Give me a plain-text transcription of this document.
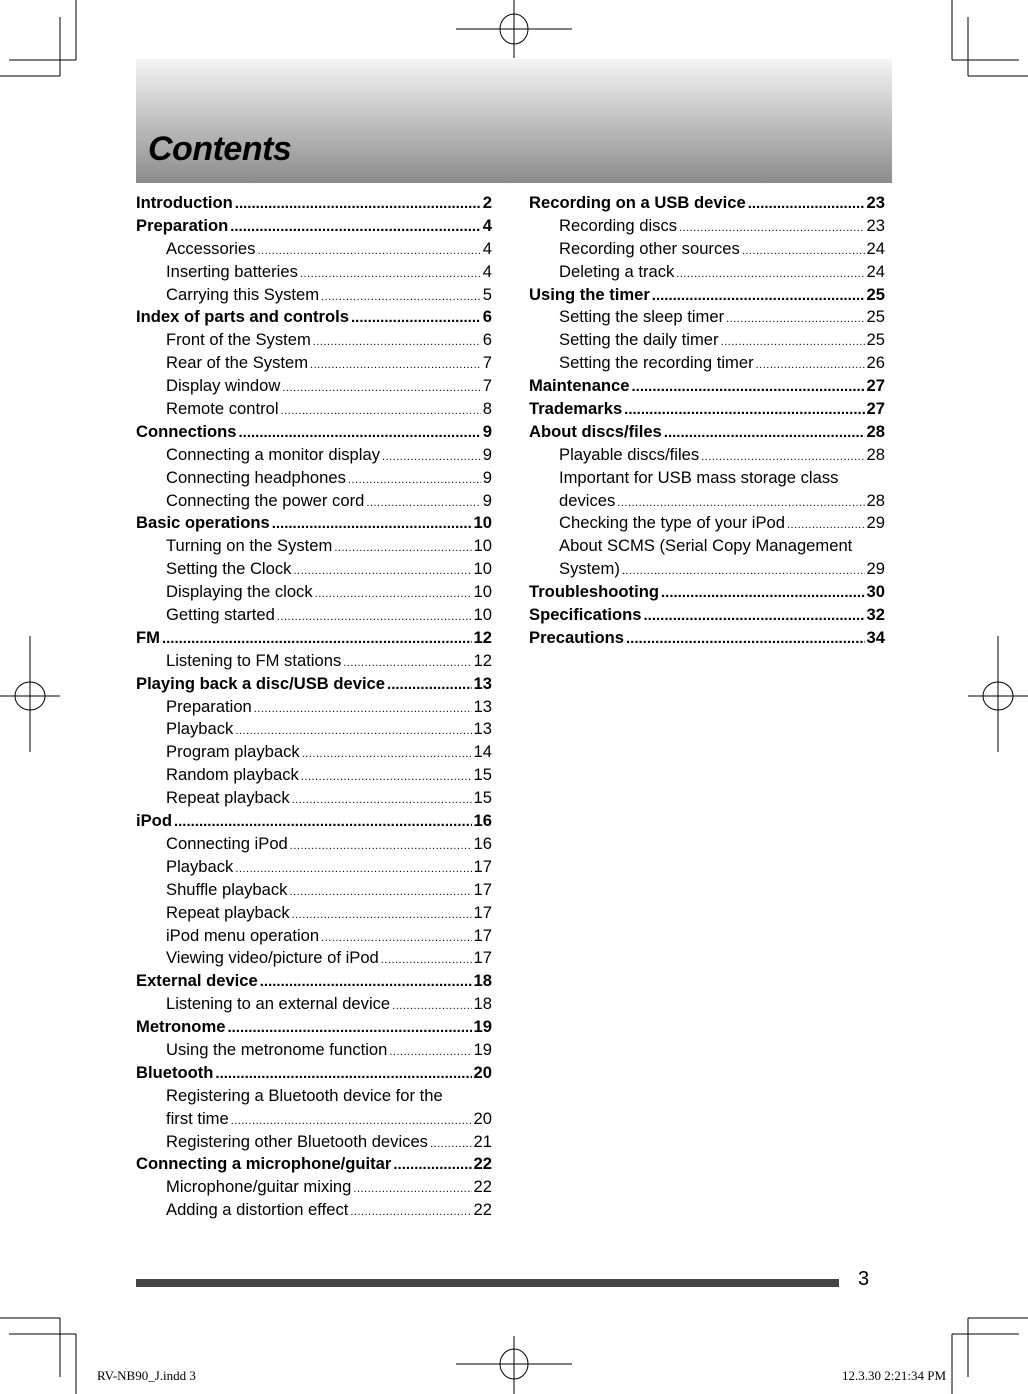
Contents
Introduction .....	2
Preparation .....	4
Accessories .....	4
Inserting batteries .....	4
Carrying this System .....	5
Index of parts and controls .....	6
Front of the System .....	6
Rear of the System .....	7
Display window .....	7
Remote control .....	8
Connections .....	9
Connecting a monitor display .....	9
Connecting headphones .....	9
Connecting the power cord .....	9
Basic operations .....	10
Turning on the System .....	10
Setting the Clock .....	10
Displaying the clock .....	10
Getting started .....	10
FM .....	12
Listening to FM stations .....	12
Playing back a disc/USB device .....	13
Preparation .....	13
Playback .....	13
Program playback .....	14
Random playback .....	15
Repeat playback .....	15
iPod .....	16
Connecting iPod .....	16
Playback .....	17
Shuffle playback .....	17
Repeat playback .....	17
iPod menu operation .....	17
Viewing video/picture of iPod .....	17
External device .....	18
Listening to an external device .....	18
Metronome .....	19
Using the metronome function .....	19
Bluetooth .....	20
Registering a Bluetooth device for the
first time .....	20
Registering other Bluetooth devices .....	21
Connecting a microphone/guitar .....	22
Microphone/guitar mixing .....	22
Adding a distortion effect .....	22
Recording on a USB device .....	23
Recording discs .....	23
Recording other sources .....	24
Deleting a track .....	24
Using the timer .....	25
Setting the sleep timer .....	25
Setting the daily timer .....	25
Setting the recording timer .....	26
Maintenance .....	27
Trademarks .....	27
About discs/files .....	28
Playable discs/files .....	28
Important for USB mass storage class
devices .....	28
Checking the type of your iPod .....	29
About SCMS (Serial Copy Management
System) .....	29
Troubleshooting .....	30
Specifications .....	32
Precautions .....	34
3
RV-NB90_J.indd 3	12.3.30 2:21:34 PM
